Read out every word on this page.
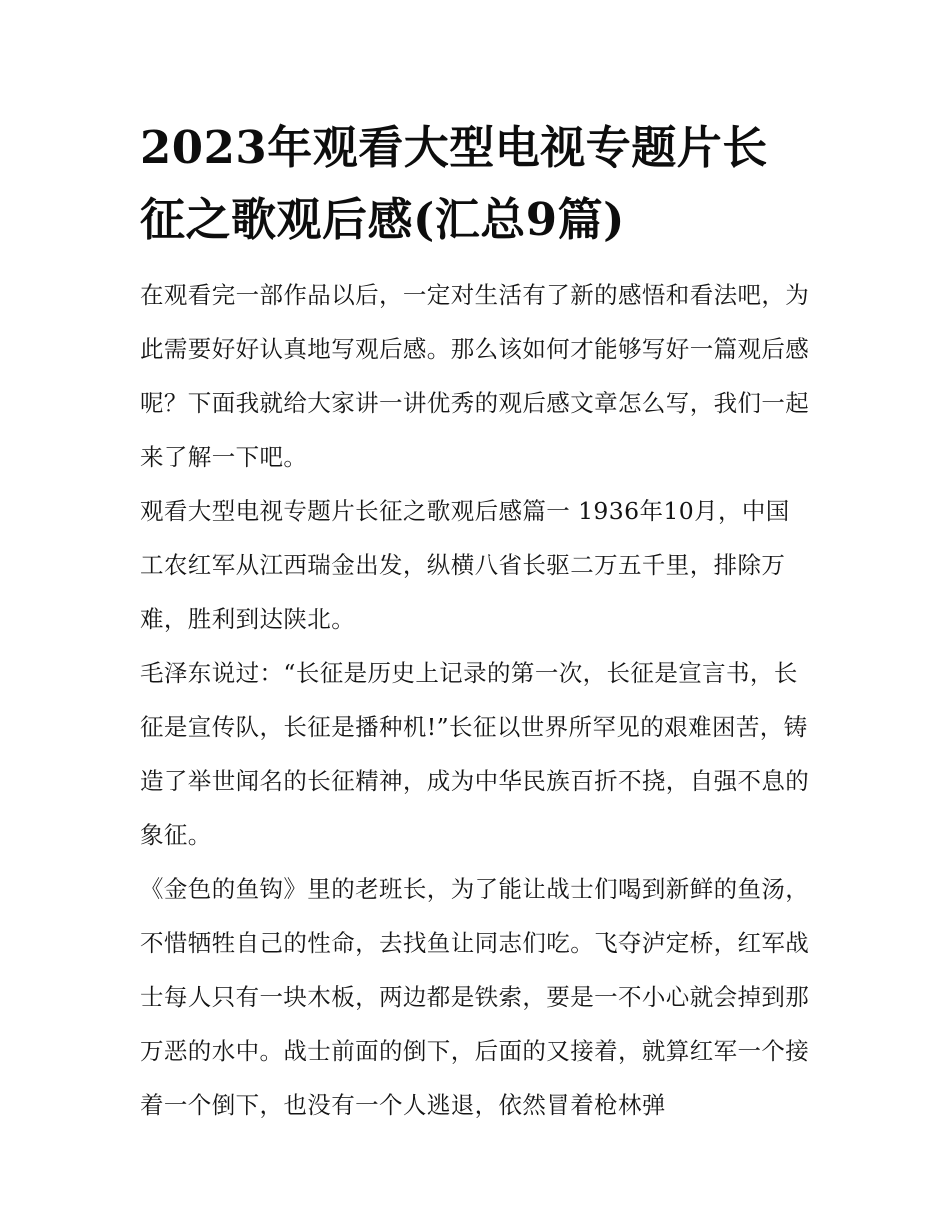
2023年观看大型电视专题片长征之歌观后感(汇总9篇)

在观看完一部作品以后，一定对生活有了新的感悟和看法吧，为此需要好好认真地写观后感。那么该如何才能够写好一篇观后感呢？下面我就给大家讲一讲优秀的观后感文章怎么写，我们一起来了解一下吧。

观看大型电视专题片长征之歌观后感篇一 1936年10月，中国工农红军从江西瑞金出发，纵横八省长驱二万五千里，排除万难，胜利到达陕北。

毛泽东说过：“长征是历史上记录的第一次，长征是宣言书，长征是宣传队，长征是播种机!”长征以世界所罕见的艰难困苦，铸造了举世闻名的长征精神，成为中华民族百折不挠，自强不息的象征。

《金色的鱼钩》里的老班长，为了能让战士们喝到新鲜的鱼汤，不惜牺牲自己的性命，去找鱼让同志们吃。飞夺泸定桥，红军战士每人只有一块木板，两边都是铁索，要是一不小心就会掉到那万恶的水中。战士前面的倒下，后面的又接着，就算红军一个接着一个倒下，也没有一个人逃退，依然冒着枪林弹
